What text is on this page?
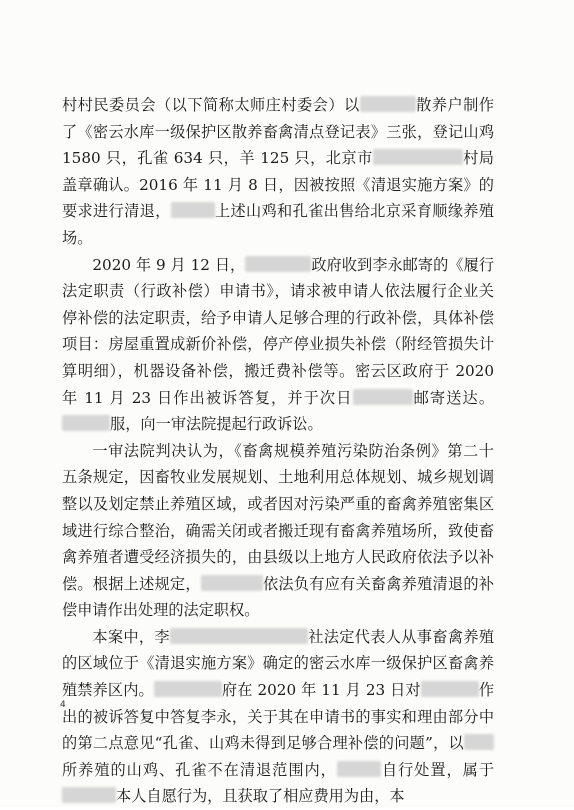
村村民委员会（以下简称太师庄村委会）以	散养户制作了《密云水库一级保护区散养畜禽清点登记表》三张，登记山鸡 1580 只，孔雀 634 只，羊 125 只，北京市	村局盖章确认。2016 年 11 月 8 日，因被按照《清退实施方案》的要求进行清退，	上述山鸡和孔雀出售给北京采育顺缘养殖场。

2020 年 9 月 12 日，	政府收到李永邮寄的《履行法定职责（行政补偿）申请书》，请求被申请人依法履行企业关停补偿的法定职责，给予申请人足够合理的行政补偿，具体补偿项目：房屋重置成新价补偿，停产停业损失补偿（附经管损失计算明细），机器设备补偿，搬迁费补偿等。密云区政府于 2020 年 11 月 23 日作出被诉答复，并于次日	邮寄送达。服，向一审法院提起行政诉讼。

一审法院判决认为，《畜禽规模养殖污染防治条例》第二十五条规定，因畜牧业发展规划、土地利用总体规划、城乡规划调整以及划定禁止养殖区域，或者因对污染严重的畜禽养殖密集区域进行综合整治，确需关闭或者搬迁现有畜禽养殖场所，致使畜禽养殖者遭受经济损失的，由县级以上地方人民政府依法予以补偿。根据上述规定，	依法负有应有关畜禽养殖清退的补偿申请作出处理的法定职权。

本案中，李	社法定代表人从事畜禽养殖的区域位于《清退实施方案》确定的密云水库一级保护区畜禽养殖禁养区内。	府在 2020 年 11 月 23 日对	作出的被诉答复中答复李永，关于其在申请书的事实和理由部分中的第二点意见“孔雀、山鸡未得到足够合理补偿的问题”，以所养殖的山鸡、孔雀不在清退范围内，	自行处置，属于本人自愿行为，且获取了相应费用为由，本

4
